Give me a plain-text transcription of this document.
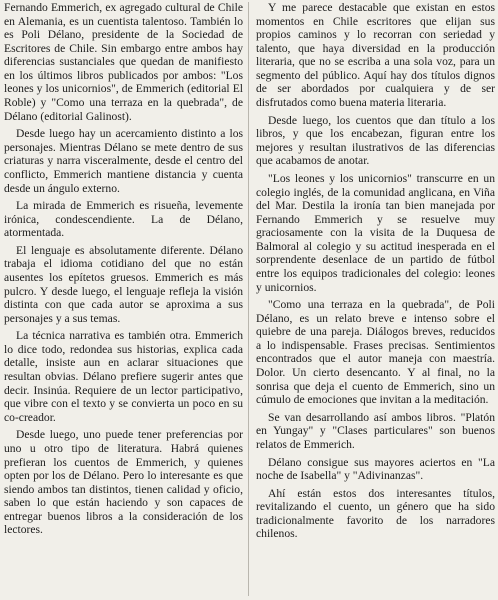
Fernando Emmerich, ex agregado cultural de Chile en Alemania, es un cuentista talentoso. También lo es Poli Délano, presidente de la Sociedad de Escritores de Chile. Sin embargo entre ambos hay diferencias sustanciales que quedan de manifiesto en los últimos libros publicados por ambos: "Los leones y los unicornios", de Emmerich (editorial El Roble) y "Como una terraza en la quebrada", de Délano (editorial Galinost).

Desde luego hay un acercamiento distinto a los personajes. Mientras Délano se mete dentro de sus criaturas y narra visceralmente, desde el centro del conflicto, Emmerich mantiene distancia y cuenta desde un ángulo externo.

La mirada de Emmerich es risueña, levemente irónica, condescendiente. La de Délano, atormentada.

El lenguaje es absolutamente diferente. Délano trabaja el idioma cotidiano del que no están ausentes los epítetos gruesos. Emmerich es más pulcro. Y desde luego, el lenguaje refleja la visión distinta con que cada autor se aproxima a sus personajes y a sus temas.

La técnica narrativa es también otra. Emmerich lo dice todo, redondea sus historias, explica cada detalle, insiste aun en aclarar situaciones que resultan obvias. Délano prefiere sugerir antes que decir. Insinúa. Requiere de un lector participativo, que vibre con el texto y se convierta un poco en su co-creador.

Desde luego, uno puede tener preferencias por uno u otro tipo de literatura. Habrá quienes prefieran los cuentos de Emmerich, y quienes opten por los de Délano. Pero lo interesante es que siendo ambos tan distintos, tienen calidad y oficio, saben lo que están haciendo y son capaces de entregar buenos libros a la consideración de los lectores.

Y me parece destacable que existan en estos momentos en Chile escritores que elijan sus propios caminos y lo recorran con seriedad y talento, que haya diversidad en la producción literaria, que no se escriba a una sola voz, para un segmento del público. Aquí hay dos títulos dignos de ser abordados por cualquiera y de ser disfrutados como buena materia literaria.

Desde luego, los cuentos que dan título a los libros, y que los encabezan, figuran entre los mejores y resultan ilustrativos de las diferencias que acabamos de anotar.

"Los leones y los unicornios" transcurre en un colegio inglés, de la comunidad anglicana, en Viña del Mar. Destila la ironía tan bien manejada por Fernando Emmerich y se resuelve muy graciosamente con la visita de la Duquesa de Balmoral al colegio y su actitud inesperada en el sorprendente desenlace de un partido de fútbol entre los equipos tradicionales del colegio: leones y unicornios.

"Como una terraza en la quebrada", de Poli Délano, es un relato breve e intenso sobre el quiebre de una pareja. Diálogos breves, reducidos a lo indispensable. Frases precisas. Sentimientos encontrados que el autor maneja con maestría. Dolor. Un cierto desencanto. Y al final, no la sonrisa que deja el cuento de Emmerich, sino un cúmulo de emociones que invitan a la meditación.

Se van desarrollando así ambos libros. "Platón en Yungay" y "Clases particulares" son buenos relatos de Emmerich.

Délano consigue sus mayores aciertos en "La noche de Isabella" y "Adivinanzas".

Ahí están estos dos interesantes títulos, revitalizando el cuento, un género que ha sido tradicionalmente favorito de los narradores chilenos.
